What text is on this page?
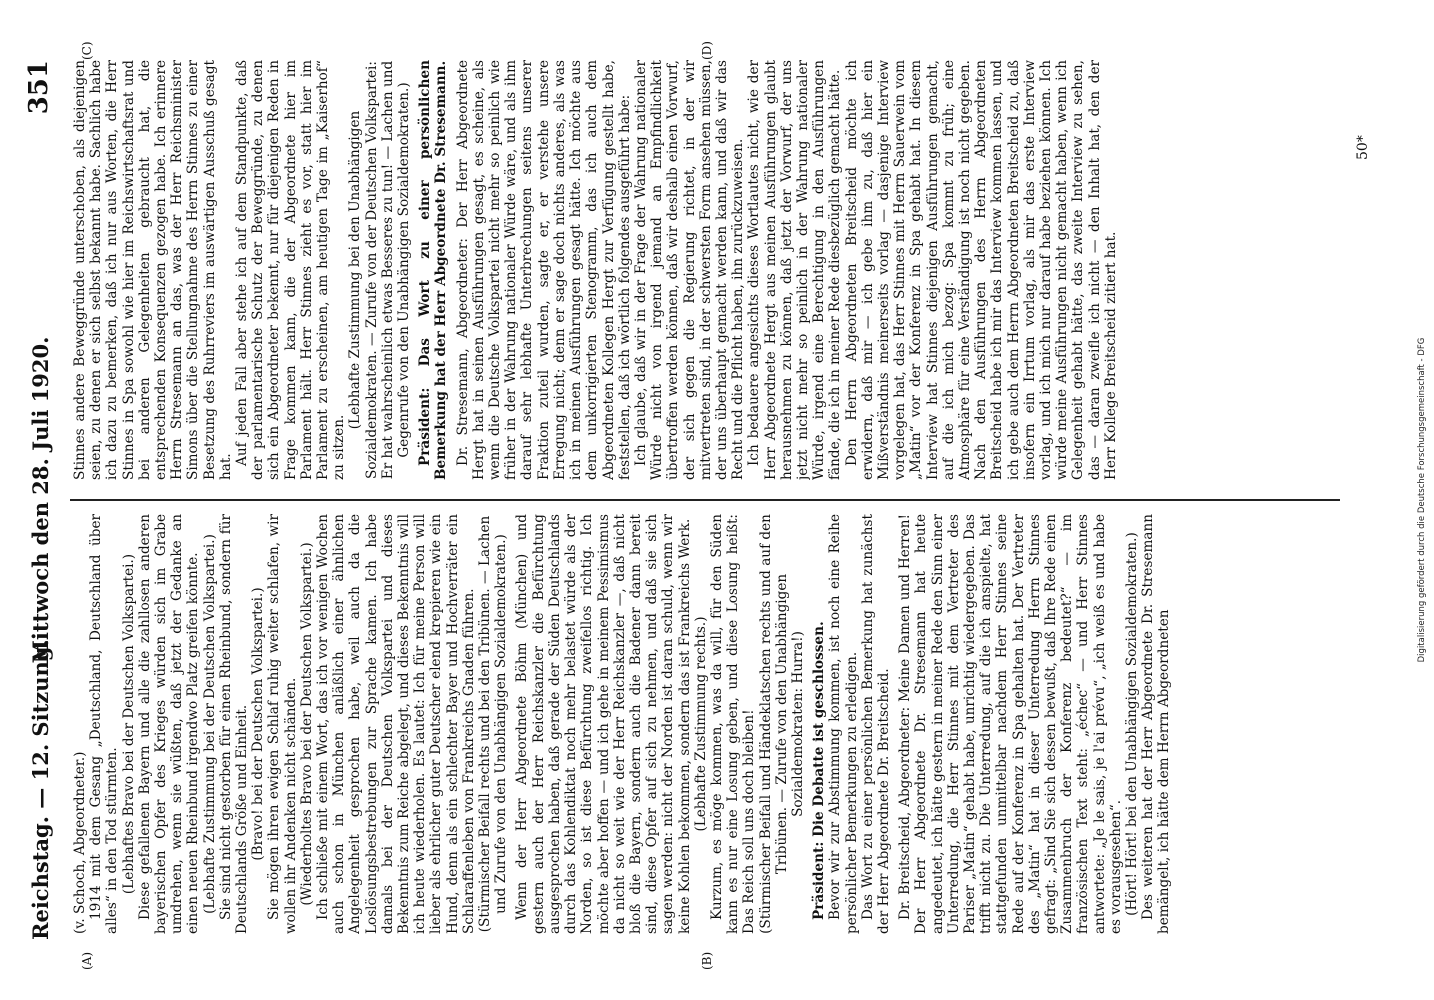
Reichstag. — 12. Sitzung.
Mittwoch den 28. Juli 1920.
351
(A)	(B)
(C)	(D)

(v. Schoch, Abgeordneter.) 1914 mit dem Gesang „Deutschland, Deutschland über alles“ in den Tod stürmten. (Lebhaftes Bravo bei der Deutschen Volkspartei.) Diese gefallenen Bayern und alle die zahllosen anderen bayerischen Opfer des Krieges würden sich im Grabe umdrehen, wenn sie wüßten, daß jetzt der Gedanke an einen neuen Rheinbund irgendwo Platz greifen könnte. (Lebhafte Zustimmung bei der Deutschen Volkspartei.) Sie sind nicht gestorben für einen Rheinbund, sondern für Deutschlands Größe und Einheit. (Bravo! bei der Deutschen Volkspartei.) Sie mögen ihren ewigen Schlaf ruhig weiter schlafen, wir wollen ihr Andenken nicht schänden. (Wiederholtes Bravo bei der Deutschen Volkspartei.) Ich schließe mit einem Wort, das ich vor wenigen Wochen auch schon in München anläßlich einer ähnlichen Angelegenheit gesprochen habe, weil auch da die Loslösungsbestrebungen zur Sprache kamen. Ich habe damals bei der Deutschen Volkspartei und dieses Bekenntnis zum Reiche abgelegt, und dieses Bekenntnis will ich heute wiederholen. Es lautet: Ich für meine Person will lieber als ehrlicher guter Deutscher elend krepieren wie ein Hund, denn als ein schlechter Bayer und Hochverräter ein Schlaraffenleben von Frankreichs Gnaden führen. (Stürmischer Beifall rechts und bei den Tribünen. — Lachen und Zurufe von den Unabhängigen Sozialdemokraten.) Wenn der Herr Abgeordnete Böhm (München) und gestern auch der Herr Reichskanzler die Befürchtung ausgesprochen haben, daß gerade der Süden Deutschlands durch das Kohlendiktat noch mehr belastet würde als der Norden, so ist diese Befürchtung zweifellos richtig. Ich möchte aber hoffen — und ich gehe in meinem Pessimismus da nicht so weit wie der Herr Reichskanzler —, daß nicht bloß die Bayern, sondern auch die Badener dann bereit sind, diese Opfer auf sich zu nehmen, und daß sie sich sagen werden: nicht der Norden ist daran schuld, wenn wir keine Kohlen bekommen, sondern das ist Frankreichs Werk. (Lebhafte Zustimmung rechts.) Kurzum, es möge kommen, was da will, für den Süden kann es nur eine Losung geben, und diese Losung heißt: Das Reich soll uns doch bleiben! (Stürmischer Beifall und Händeklatschen rechts und auf den Tribünen. — Zurufe von den Unabhängigen Sozialdemokraten: Hurra!) Präsident: Die Debatte ist geschlossen. Bevor wir zur Abstimmung kommen, ist noch eine Reihe persönlicher Bemerkungen zu erledigen. Das Wort zu einer persönlichen Bemerkung hat zunächst der Herr Abgeordnete Dr. Breitscheid. Dr. Breitscheid, Abgeordneter: Meine Damen und Herren! Der Herr Abgeordnete Dr. Stresemann hat heute angedeutet, ich hätte gestern in meiner Rede den Sinn einer Unterredung, die Herr Stinnes mit dem Vertreter des Pariser „Matin“ gehabt habe, unrichtig wiedergegeben. Das trifft nicht zu. Die Unterredung, auf die ich anspielte, hat stattgefunden unmittelbar nachdem Herr Stinnes seine Rede auf der Konferenz in Spa gehalten hat. Der Vertreter des „Matin“ hat in dieser Unterredung Herrn Stinnes gefragt: „Sind Sie sich dessen bewußt, daß Ihre Rede einen Zusammenbruch der Konferenz bedeutet?“ — im französischen Text steht: „échec“ — und Herr Stinnes antwortete: „Je le sais, je l'ai prévu“, „ich weiß es und habe es vorausgesehen“. (Hört! Hört! bei den Unabhängigen Sozialdemokraten.) Des weiteren hat der Herr Abgeordnete Dr. Stresemann bemängelt, ich hätte dem Herrn Abgeordneten

Stinnes andere Beweggründe unterschoben, als diejenigen seien, zu denen er sich selbst bekannt habe. Sachlich habe ich dazu zu bemerken, daß ich nur aus Worten, die Herr Stinnes in Spa sowohl wie hier im Reichswirtschaftsrat und bei anderen Gelegenheiten gebraucht hat, die entsprechenden Konsequenzen gezogen habe. Ich erinnere Herrn Stresemann an das, was der Herr Reichsminister Simons über die Stellungnahme des Herrn Stinnes zu einer Besetzung des Ruhrreviers im auswärtigen Ausschuß gesagt hat.

Auf jeden Fall aber stehe ich auf dem Standpunkte, daß der parlamentarische Schutz der Beweggründe, zu denen sich ein Abgeordneter bekennt, nur für diejenigen Reden in Frage kommen kann, die der Abgeordnete hier im Parlament hält. Herr Stinnes zieht es vor, statt hier im Parlament zu erscheinen, am heutigen Tage im „Kaiserhof“ zu sitzen.

(Lebhafte Zustimmung bei den Unabhängigen Sozialdemokraten. — Zurufe von der Deutschen Volkspartei: Er hat wahrscheinlich etwas Besseres zu tun! — Lachen und Gegenrufe von den Unabhängigen Sozialdemokraten.) Präsident: Das Wort zu einer persönlichen Bemerkung hat der Herr Abgeordnete Dr. Stresemann. Dr. Stresemann, Abgeordneter: Der Herr Abgeordnete Hergt hat in seinen Ausführungen gesagt, es scheine, als wenn die Deutsche Volkspartei nicht mehr so peinlich wie früher in der Wahrung nationaler Würde wäre, und als ihm darauf sehr lebhafte Unterbrechungen seitens unserer Fraktion zuteil wurden, sagte er, er verstehe unsere Erregung nicht; denn er sage doch nichts anderes, als was ich in meinen Ausführungen gesagt hätte. Ich möchte aus dem unkorrigierten Stenogramm, das ich auch dem Abgeordneten Kollegen Hergt zur Verfügung gestellt habe, feststellen, daß ich wörtlich folgendes ausgeführt habe: Ich glaube, daß wir in der Frage der Wahrung nationaler Würde nicht von irgend jemand an Empfindlichkeit übertroffen werden können, daß wir deshalb einen Vorwurf, der sich gegen die Regierung richtet, in der wir mitvertreten sind, in der schwersten Form ansehen müssen, der uns überhaupt gemacht werden kann, und daß wir das Recht und die Pflicht haben, ihn zurückzuweisen. Ich bedauere angesichts dieses Wortlautes nicht, wie der Herr Abgeordnete Hergt aus meinen Ausführungen glaubt herausnehmen zu können, daß jetzt der Vorwurf, der uns jetzt nicht mehr so peinlich in der Wahrung nationaler Würde, irgend eine Berechtigung in den Ausführungen fände, die ich in meiner Rede diesbezüglich gemacht hätte. Den Herrn Abgeordneten Breitscheid möchte ich erwidern, daß mir — ich gebe ihm zu, daß hier ein Mißverständnis meinerseits vorlag — dasjenige Interview vorgelegen hat, das Herr Stinnes mit Herrn Sauerwein vom „Matin“ vor der Konferenz in Spa gehabt hat. In diesem Interview hat Stinnes diejenigen Ausführungen gemacht, auf die ich mich bezog: Spa kommt zu früh; eine Atmosphäre für eine Verständigung ist noch nicht gegeben. Nach den Ausführungen des Herrn Abgeordneten Breitscheid habe ich mir das Interview kommen lassen, und ich gebe auch dem Herrn Abgeordneten Breitscheid zu, daß insofern ein Irrtum vorlag, als mir das erste Interview vorlag, und ich mich nur darauf habe beziehen können. Ich würde meine Ausführungen nicht gemacht haben, wenn ich Gelegenheit gehabt hätte, das zweite Interview zu sehen, das — daran zweifle ich nicht — den Inhalt hat, den der Herr Kollege Breitscheid zitiert hat.

50*
Digitalisierung gefördert durch die Deutsche Forschungsgemeinschaft - DFG
